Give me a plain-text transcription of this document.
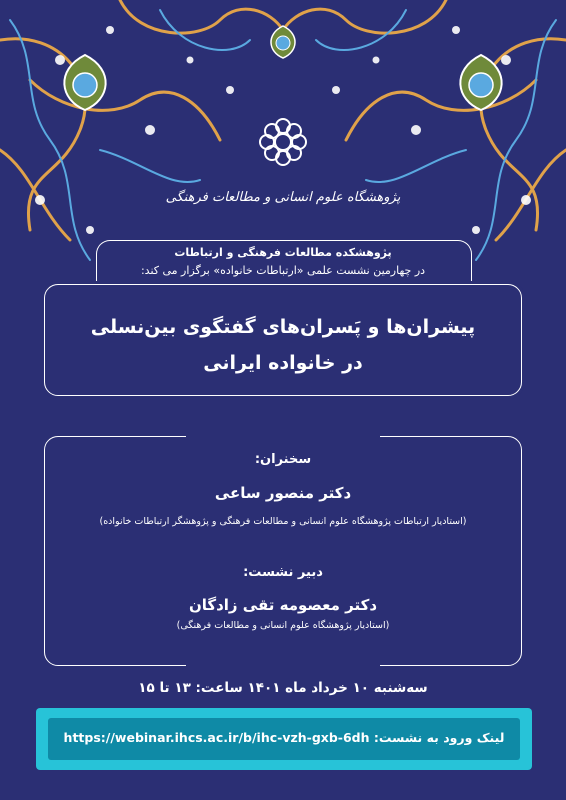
پژوهشگاه علوم انسانی و مطالعات فرهنگی
پژوهشکده مطالعات فرهنگی و ارتباطات
در چهارمین نشست علمی «ارتباطات خانواده» برگزار می کند:
پیشران‌ها و پَسران‌های گفتگوی بین‌نسلی
در خانواده ایرانی
سخنران:
دکتر منصور ساعی
(استادیار ارتباطات پژوهشگاه علوم انسانی و مطالعات فرهنگی و پژوهشگر ارتباطات خانواده)
دبیر نشست:
دکتر معصومه تقی زادگان
(استادیار پژوهشگاه علوم انسانی و مطالعات فرهنگی)
سه‌شنبه ۱۰ خرداد ماه ۱۴۰۱ ساعت: ۱۳ تا ۱۵
https://webinar.ihcs.ac.ir/b/ihc-vzh-gxb-6dh لینک ورود به نشست:
